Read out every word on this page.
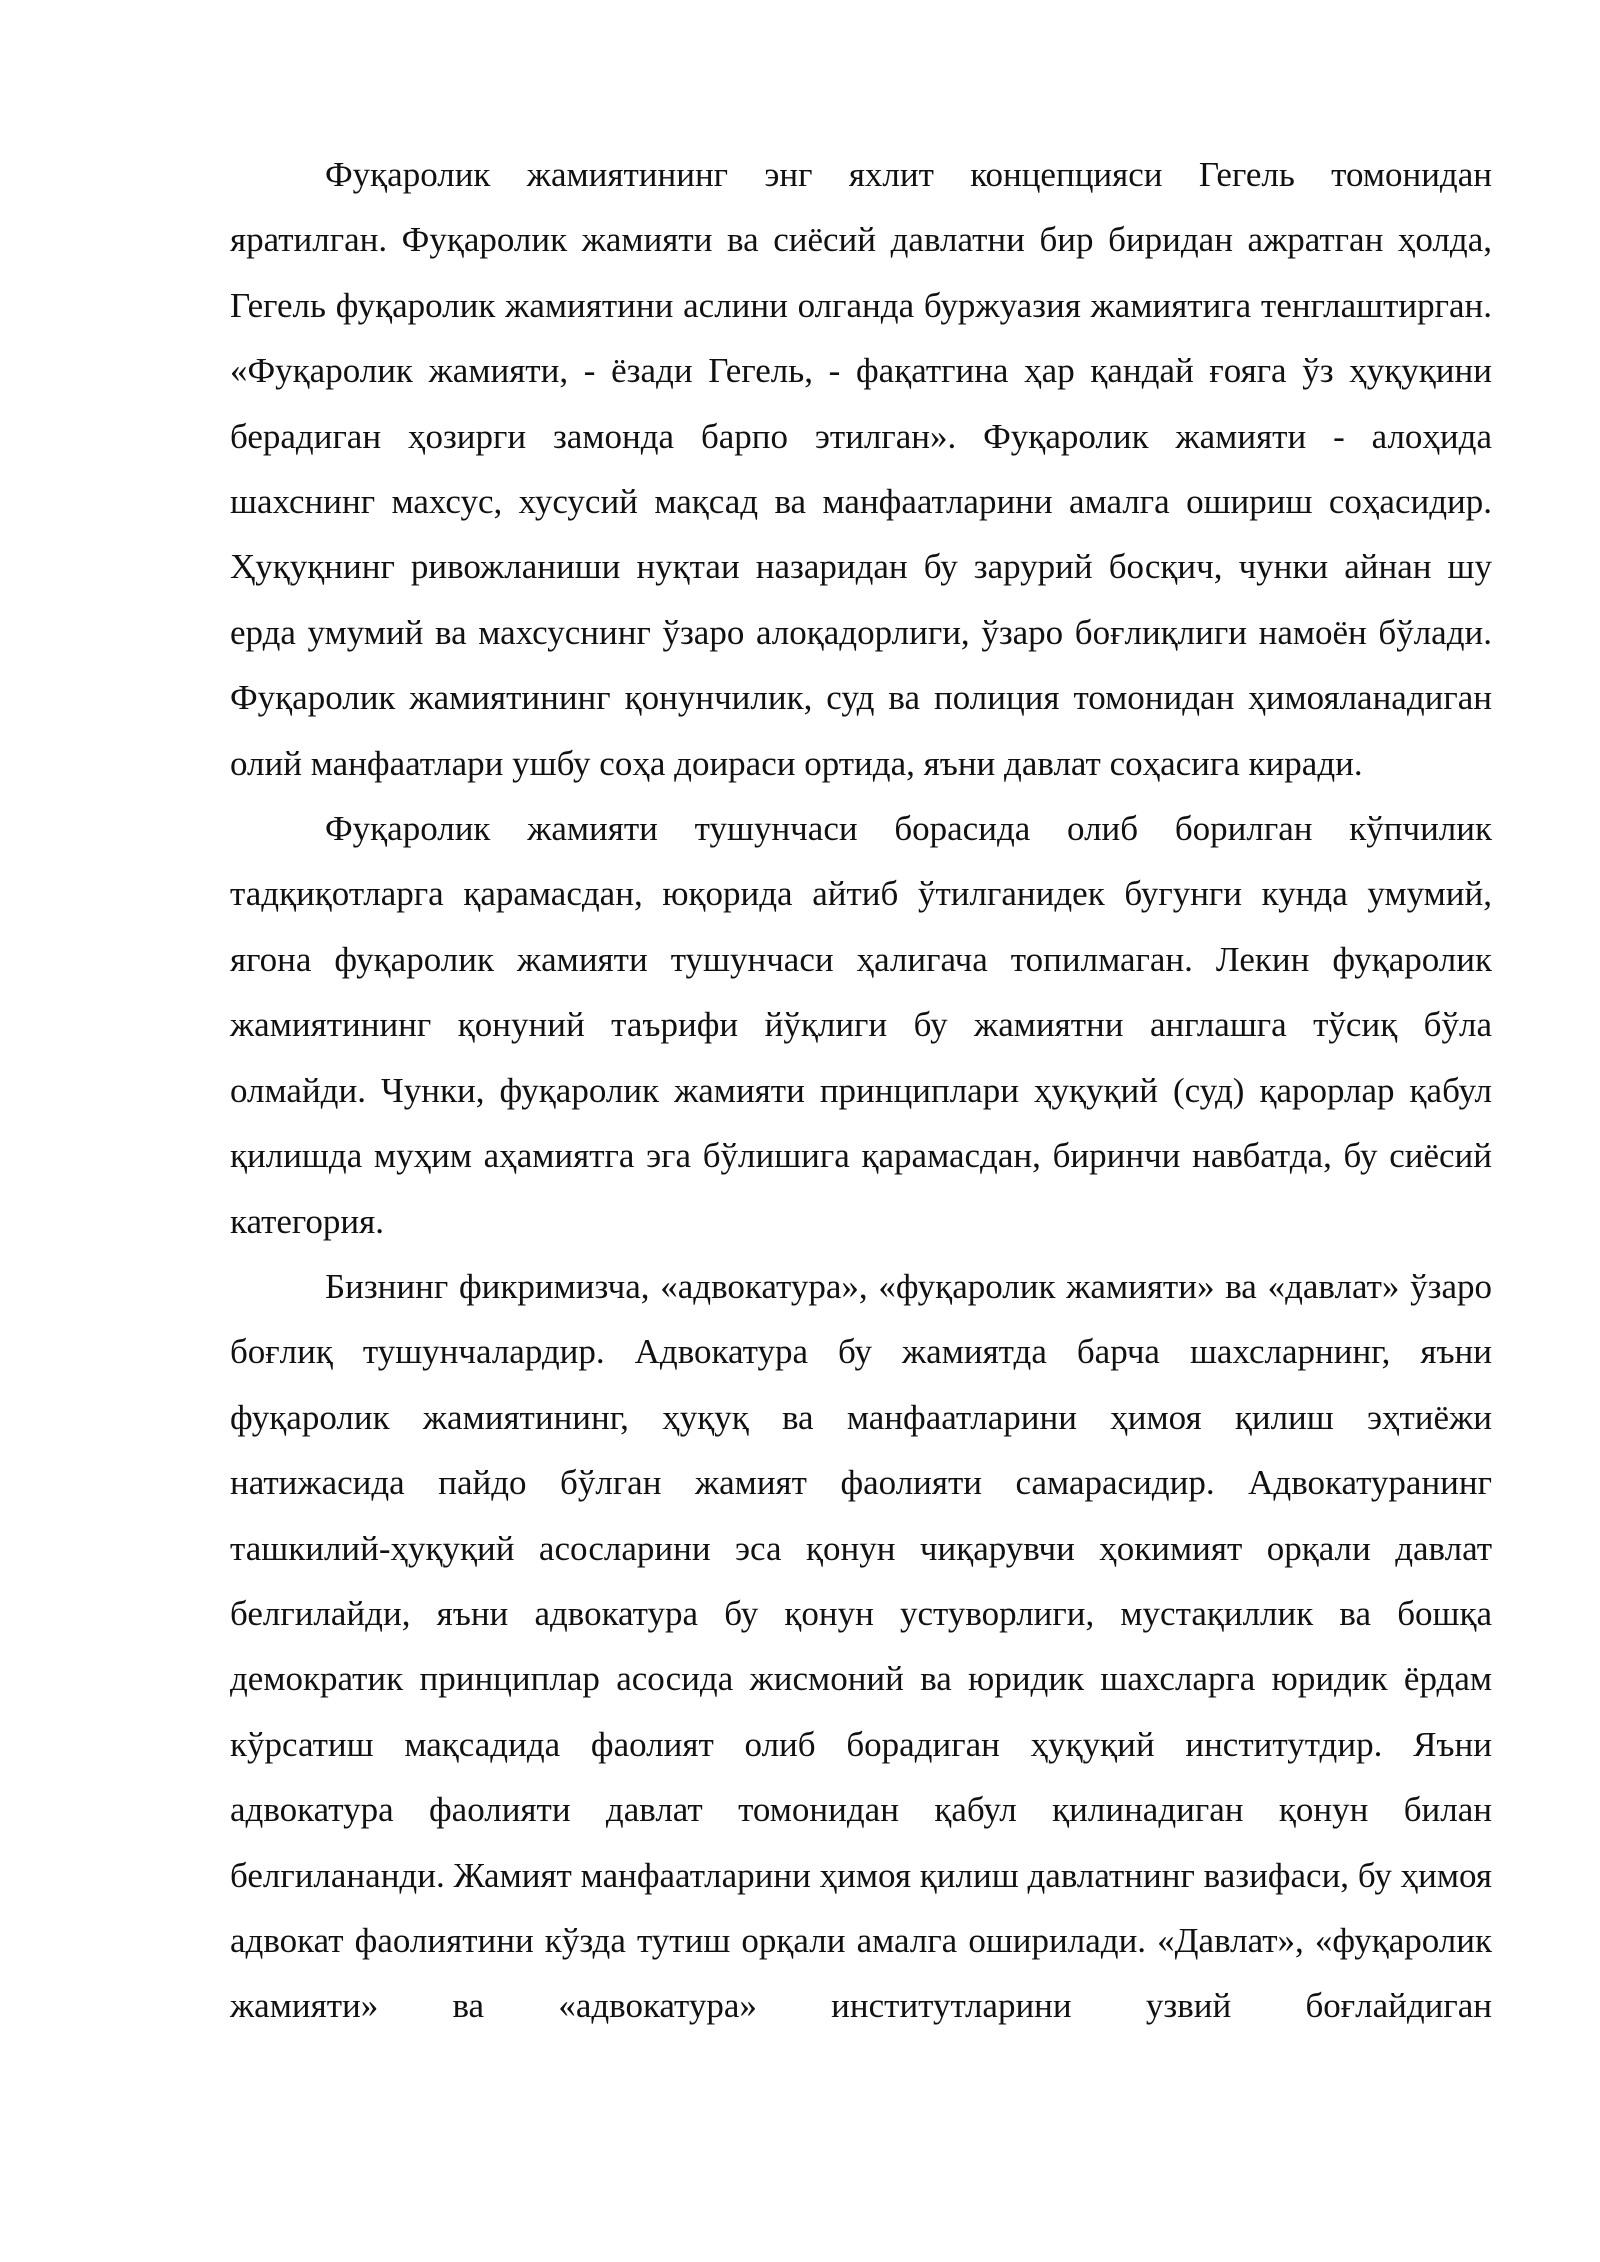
Фуқаролик жамиятининг энг яхлит концепцияси Гегель томонидан яратилган. Фуқаролик жамияти ва сиёсий давлатни бир биридан ажратган ҳолда, Гегель фуқаролик жамиятини аслини олганда буржуазия жамиятига тенглаштирган. «Фуқаролик жамияти, - ёзади Гегель, - фақатгина ҳар қандай ғояга ўз ҳуқуқини берадиган ҳозирги замонда барпо этилган». Фуқаролик жамияти - алоҳида шахснинг махсус, хусусий мақсад ва манфаатларини амалга ошириш соҳасидир. Ҳуқуқнинг ривожланиши нуқтаи назаридан бу зарурий босқич, чунки айнан шу ерда умумий ва махсуснинг ўзаро алоқадорлиги, ўзаро боғлиқлиги намоён бўлади. Фуқаролик жамиятининг қонунчилик, суд ва полиция томонидан ҳимояланадиган олий манфаатлари ушбу соҳа доираси ортида, яъни давлат соҳасига киради.

Фуқаролик жамияти тушунчаси борасида олиб борилган кўпчилик тадқиқотларга қарамасдан, юқорида айтиб ўтилганидек бугунги кунда умумий, ягона фуқаролик жамияти тушунчаси ҳалигача топилмаган. Лекин фуқаролик жамиятининг қонуний таърифи йўқлиги бу жамиятни англашга тўсиқ бўла олмайди. Чунки, фуқаролик жамияти принциплари ҳуқуқий (суд) қарорлар қабул қилишда муҳим аҳамиятга эга бўлишига қарамасдан, биринчи навбатда, бу сиёсий категория.

Бизнинг фикримизча, «адвокатура», «фуқаролик жамияти» ва «давлат» ўзаро боғлиқ тушунчалардир. Адвокатура бу жамиятда барча шахсларнинг, яъни фуқаролик жамиятининг, ҳуқуқ ва манфаатларини ҳимоя қилиш эҳтиёжи натижасида пайдо бўлган жамият фаолияти самарасидир. Адвокатуранинг ташкилий-ҳуқуқий асосларини эса қонун чиқарувчи ҳокимият орқали давлат белгилайди, яъни адвокатура бу қонун устуворлиги, мустақиллик ва бошқа демократик принциплар асосида жисмоний ва юридик шахсларга юридик ёрдам кўрсатиш мақсадида фаолият олиб борадиган ҳуқуқий институтдир. Яъни адвокатура фаолияти давлат томонидан қабул қилинадиган қонун билан белгилананди. Жамият манфаатларини ҳимоя қилиш давлатнинг вазифаси, бу ҳимоя адвокат фаолиятини кўзда тутиш орқали амалга оширилади. «Давлат», «фуқаролик жамияти» ва «адвокатура» институтларини узвий боғлайдиган
